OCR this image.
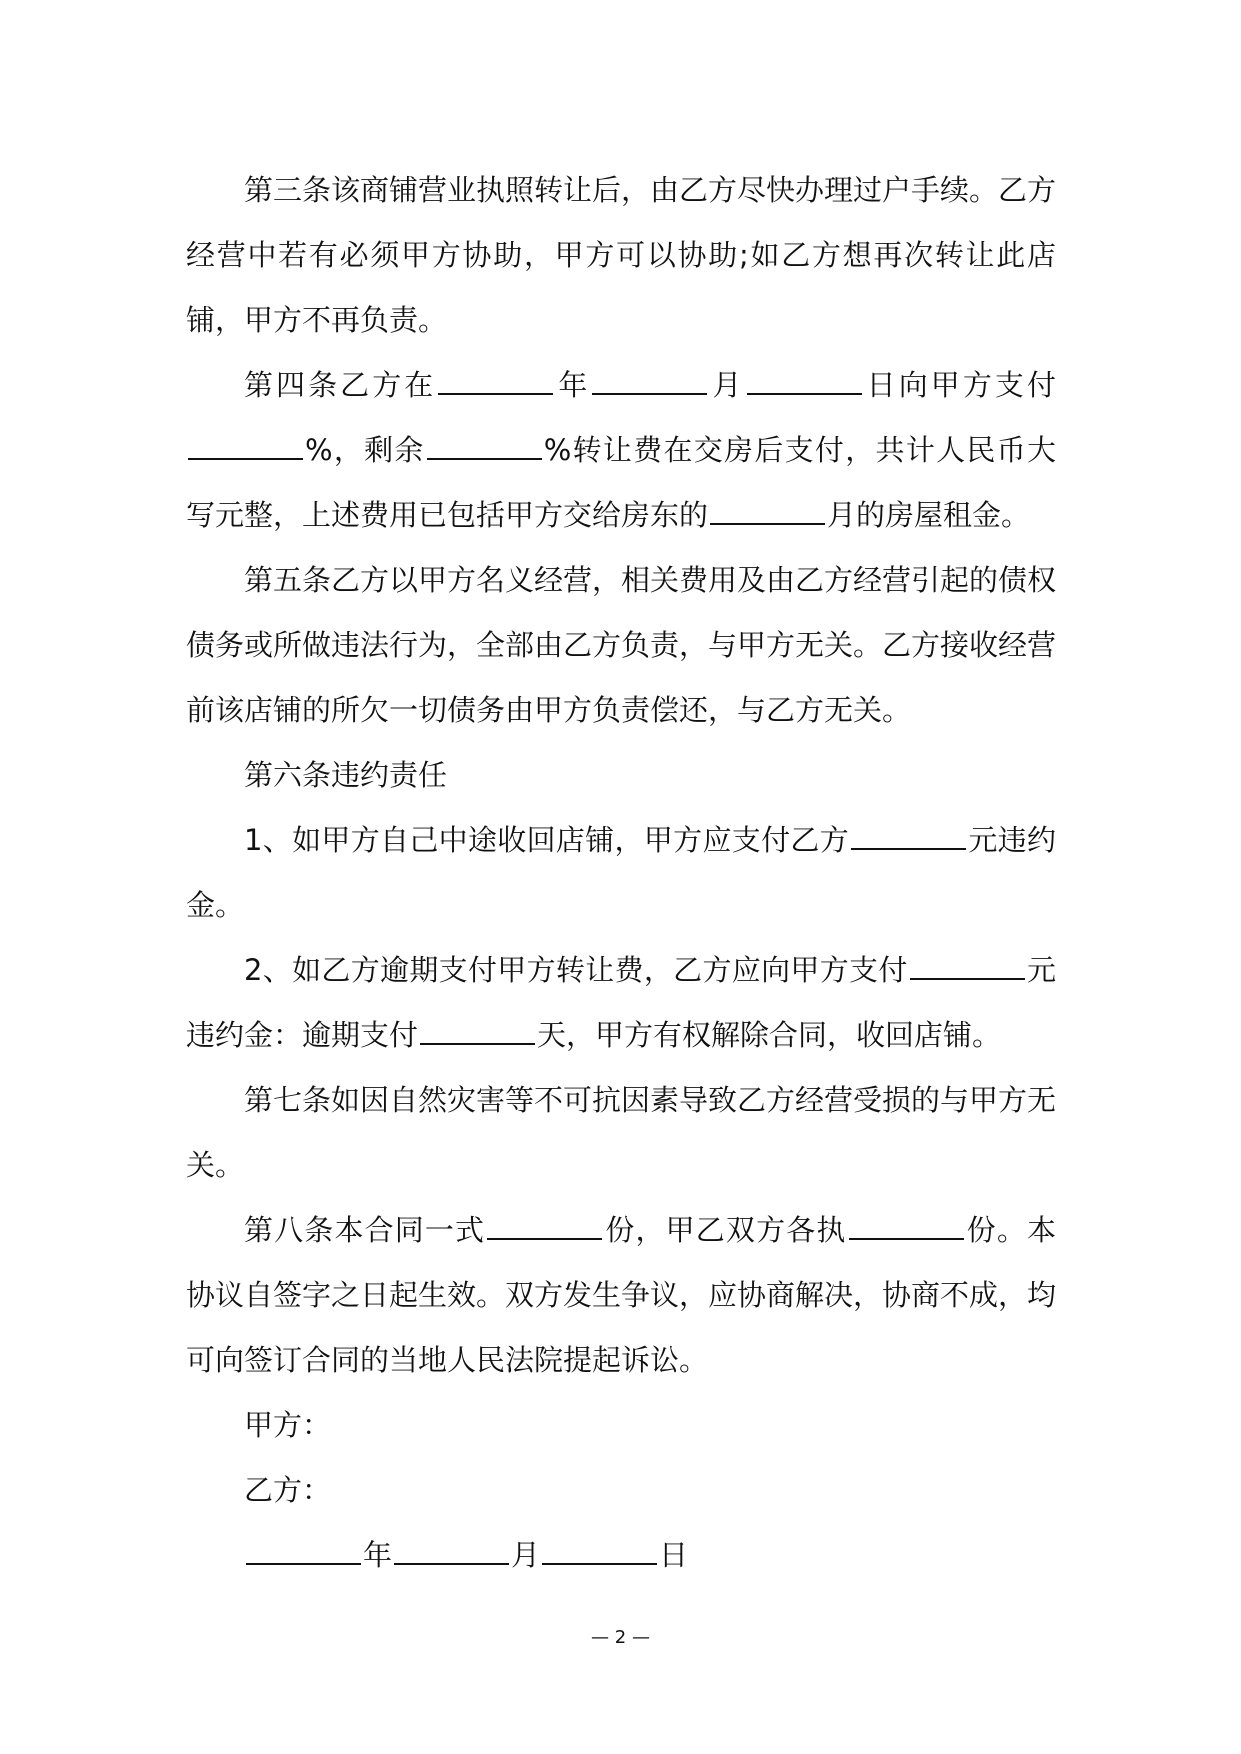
第三条该商铺营业执照转让后，由乙方尽快办理过户手续。乙方经营中若有必须甲方协助，甲方可以协助;如乙方想再次转让此店铺，甲方不再负责。

第四条乙方在	年	月	日向甲方支付%，剩余	%转让费在交房后支付，共计人民币大写元整，上述费用已包括甲方交给房东的	月的房屋租金。

第五条乙方以甲方名义经营，相关费用及由乙方经营引起的债权债务或所做违法行为，全部由乙方负责，与甲方无关。乙方接收经营前该店铺的所欠一切债务由甲方负责偿还，与乙方无关。

第六条违约责任

1、如甲方自己中途收回店铺，甲方应支付乙方	元违约金。

2、如乙方逾期支付甲方转让费，乙方应向甲方支付	元违约金：逾期支付	天，甲方有权解除合同，收回店铺。

第七条如因自然灾害等不可抗因素导致乙方经营受损的与甲方无关。

第八条本合同一式	份，甲乙双方各执	份。本协议自签字之日起生效。双方发生争议，应协商解决，协商不成，均可向签订合同的当地人民法院提起诉讼。

甲方：

乙方：

年	月	日

— 2 —
